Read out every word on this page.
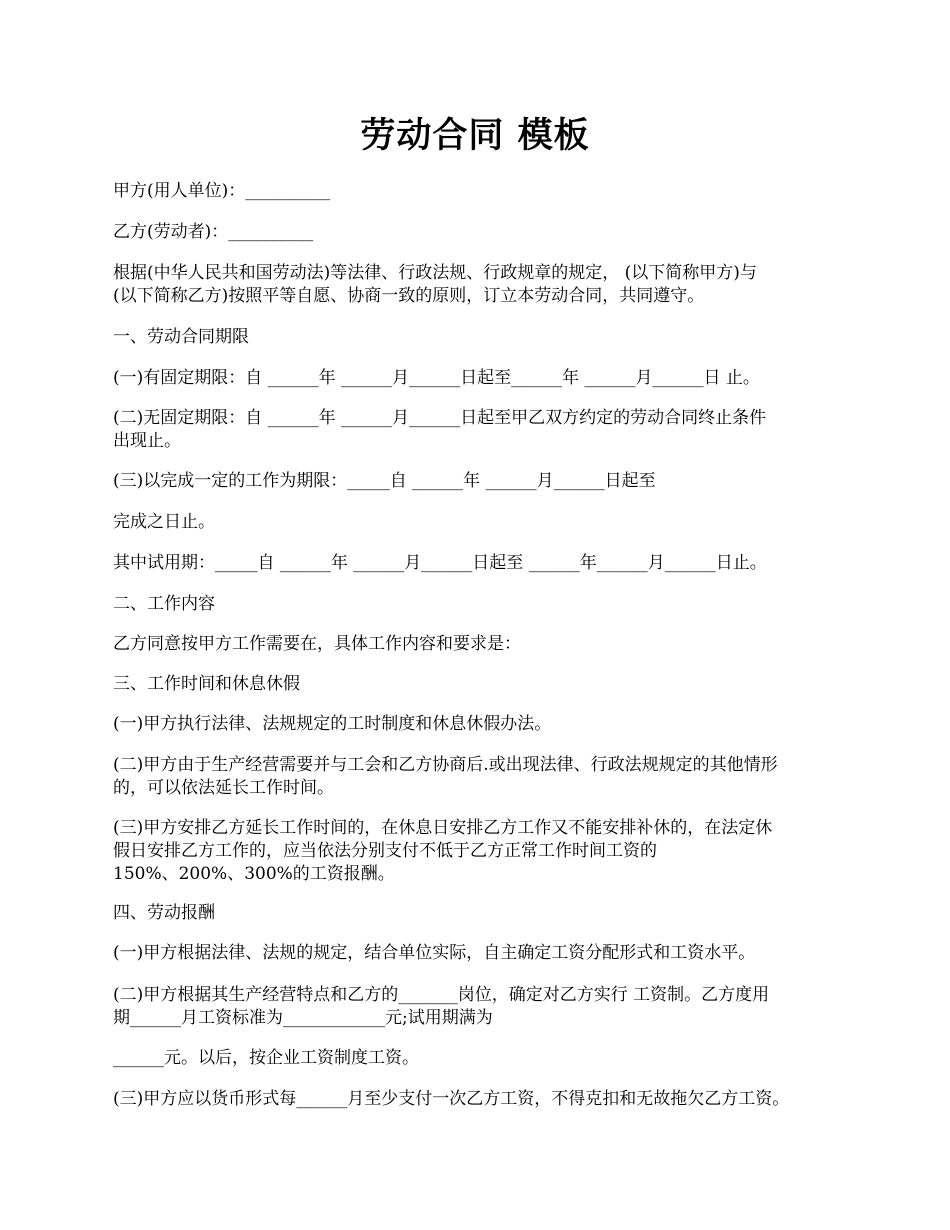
劳动合同 模板

甲方(用人单位)：__________

乙方(劳动者)：__________

根据(中华人民共和国劳动法)等法律、行政法规、行政规章的规定， (以下简称甲方)与
(以下简称乙方)按照平等自愿、协商一致的原则，订立本劳动合同，共同遵守。

一、劳动合同期限

(一)有固定期限：自 ______年 ______月______日起至______年 ______月______日 止。

(二)无固定期限：自 ______年 ______月______日起至甲乙双方约定的劳动合同终止条件
出现止。

(三)以完成一定的工作为期限：_____自 ______年 ______月______日起至

完成之日止。

其中试用期：_____自 ______年 ______月______日起至 ______年______月______日止。

二、工作内容

乙方同意按甲方工作需要在，具体工作内容和要求是：

三、工作时间和休息休假

(一)甲方执行法律、法规规定的工时制度和休息休假办法。

(二)甲方由于生产经营需要并与工会和乙方协商后.或出现法律、行政法规规定的其他情形
的，可以依法延长工作时间。

(三)甲方安排乙方延长工作时间的，在休息日安排乙方工作又不能安排补休的，在法定休
假日安排乙方工作的，应当依法分别支付不低于乙方正常工作时间工资的
150%、200%、300%的工资报酬。

四、劳动报酬

(一)甲方根据法律、法规的规定，结合单位实际，自主确定工资分配形式和工资水平。

(二)甲方根据其生产经营特点和乙方的_______岗位，确定对乙方实行 工资制。乙方度用
期______月工资标准为____________元;试用期满为

______元。以后，按企业工资制度工资。

(三)甲方应以货币形式每______月至少支付一次乙方工资，不得克扣和无故拖欠乙方工资。
